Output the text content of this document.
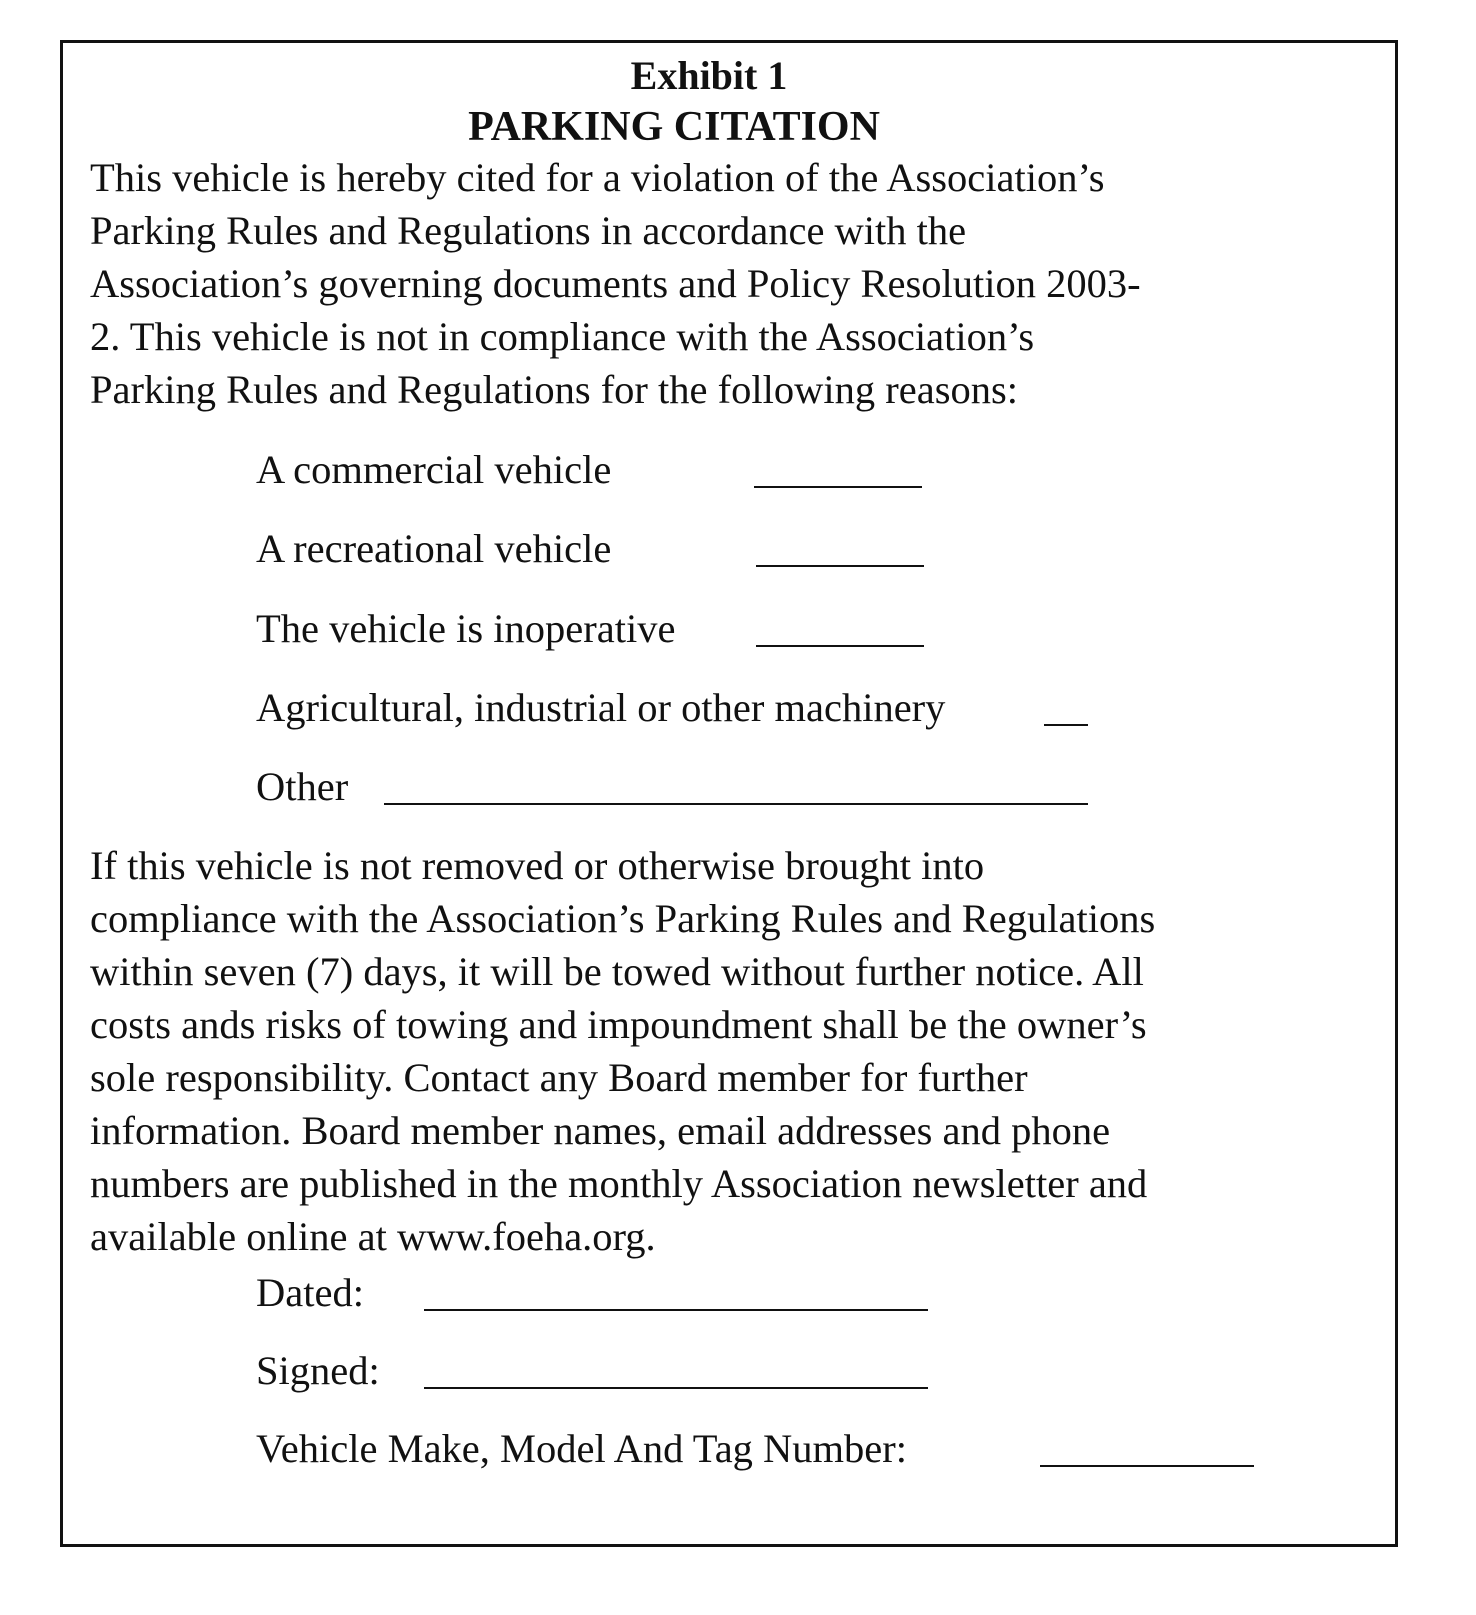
Exhibit 1
PARKING CITATION
This vehicle is hereby cited for a violation of the Association’s
Parking Rules and Regulations in accordance with the
Association’s governing documents and Policy Resolution 2003-
2. This vehicle is not in compliance with the Association’s
Parking Rules and Regulations for the following reasons:
A commercial vehicle
A recreational vehicle
The vehicle is inoperative
Agricultural, industrial or other machinery
Other
If this vehicle is not removed or otherwise brought into
compliance with the Association’s Parking Rules and Regulations
within seven (7) days, it will be towed without further notice. All
costs ands risks of towing and impoundment shall be the owner’s
sole responsibility. Contact any Board member for further
information. Board member names, email addresses and phone
numbers are published in the monthly Association newsletter and
available online at www.foeha.org.
Dated:
Signed:
Vehicle Make, Model And Tag Number:
